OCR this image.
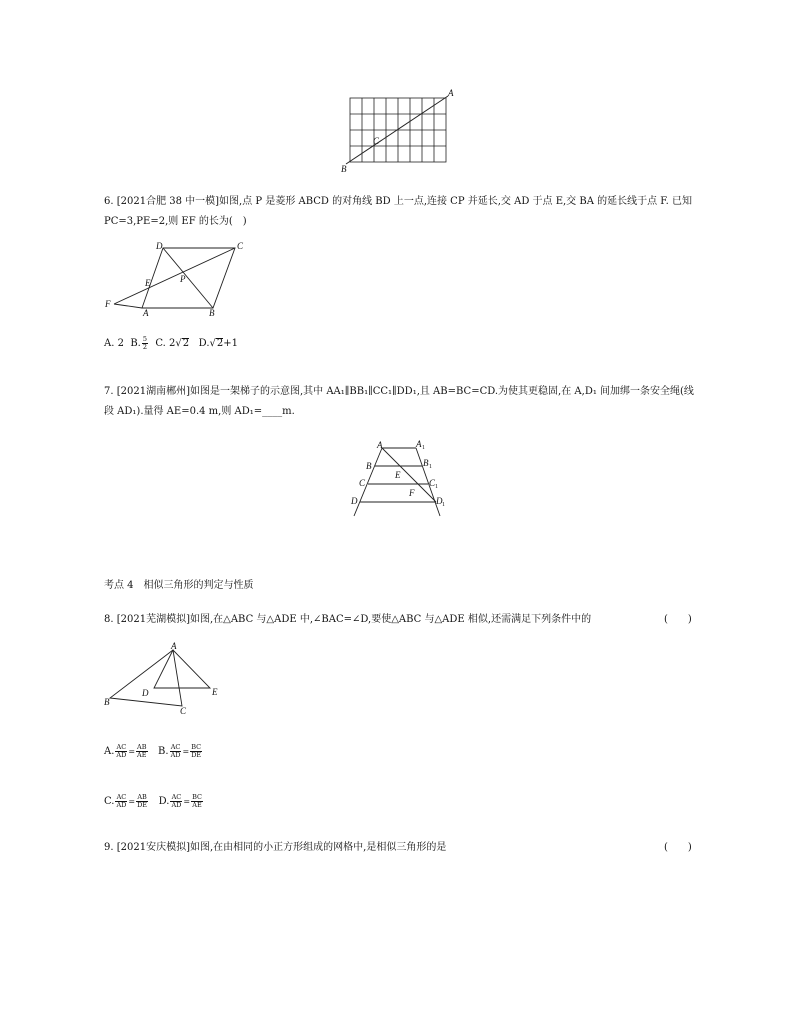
A
B
C
6. [2021合肥 38 中一模]如图,点 P 是菱形 ABCD 的对角线 BD 上一点,连接 CP 并延长,交 AD 于点 E,交 BA 的延长线于点 F. 已知 PC=3,PE=2,则 EF 的长为(　)
D	C
E	P
F
A	B
A. 2 B. $\frac{5}{2} C$. 2√2 D.√2+1
7. [2021湖南郴州]如图是一架梯子的示意图,其中 AA₁∥BB₁∥CC₁∥DD₁,且 AB=BC=CD.为使其更稳固,在 A,D₁ 间加绑一条安全绳(线段 AD₁).量得 AE=0.4 m,则 AD₁=____m.
A	A 1
B	B 1
E
C	C 1
F
D	D 1
考点 4　相似三角形的判定与性质
8. [2021芜湖模拟]如图,在△ABC 与△ADE 中,∠BAC=∠D,要使△ABC 与△ADE 相似,还需满足下列条件中的	(　　)
A
D	E
B
C
A. $\frac{AC}{AD} = \frac{AB}{AE} B$. $\frac{AC}{AD} = \frac{BC}{DE}$
C. $\frac{AC}{AD} = \frac{AB}{DE} D$. $\frac{AC}{AD} = \frac{BC}{AE}$
9. [2021安庆模拟]如图,在由相同的小正方形组成的网格中,是相似三角形的是	(　　)
